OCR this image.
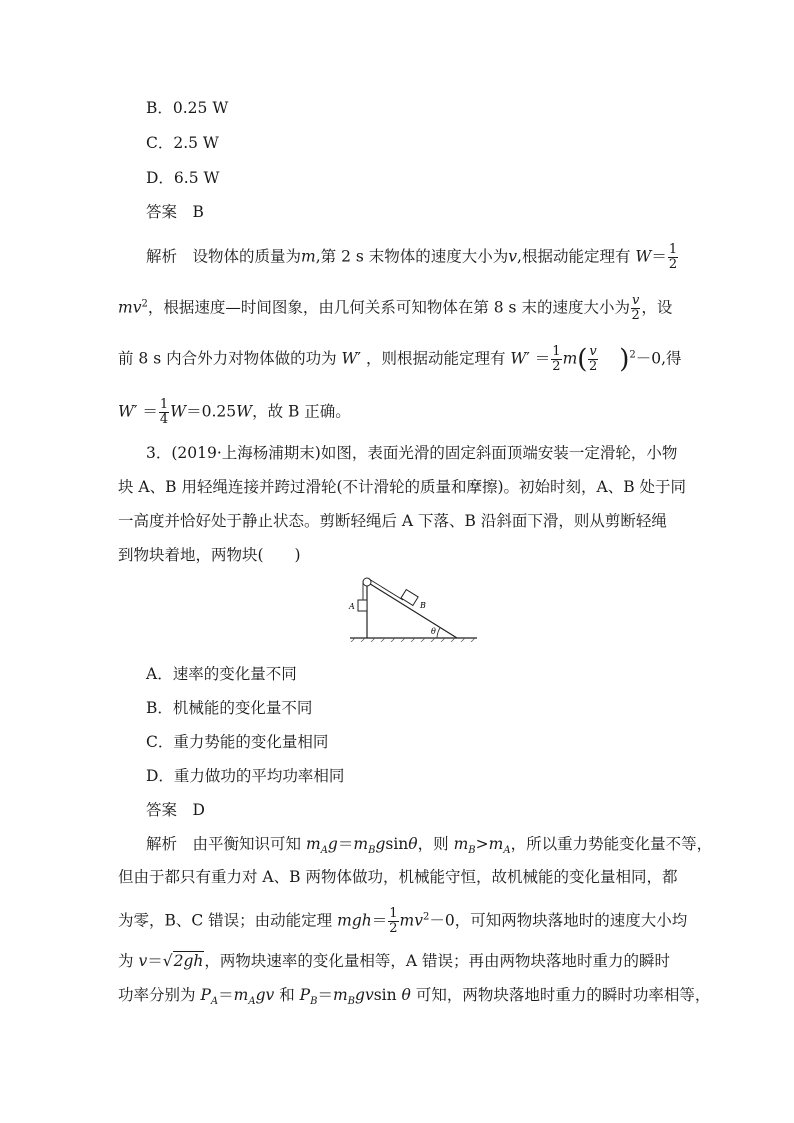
B．0.25 W
C．2.5 W
D．6.5 W
答案　B
解析　 设物体的质量为m,第 2 s 末物体的速度大小为v,根据动能定理有 $W= \frac{1}{2}$
$mv^2$，根据速度—时间图象，由几何关系可知物体在第 8 s 末的速度大小为 $\frac{v}{2}$ ，设
前 8 s 内合外力对物体做的功为 W′ ，则根据动能定理有 $W' = \frac{1}{2} m( \frac{v}{2}$
　 )$^2$－0,得
$W' = \frac{1}{4} W=0.25W$，故 B 正确。
3．(2019·上海杨浦期末)如图，表面光滑的固定斜面顶端安装一定滑轮，小物
块 A、B 用轻绳连接并跨过滑轮(不计滑轮的质量和摩擦)。初始时刻，A、B 处于同
一高度并恰好处于静止状态。剪断轻绳后 A 下落、B 沿斜面下滑，则从剪断轻绳
到物块着地，两物块(　　)
A	B
θ
A．速率的变化量不同
B．机械能的变化量不同
C．重力势能的变化量相同
D．重力做功的平均功率相同
答案　D
解析　 由平衡知识可知 $m_Ag=m_Bgsin\theta$，则 $m_B>m_A$，所以重力势能变化量不等，
但由于都只有重力对 A、B 两物体做功，机械能守恒，故机械能的变化量相同，都
为零，B、C 错误；由动能定理 $mgh= \frac{1}{2} mv^2-0$，可知两物块落地时的速度大小均
为 v＝√2gh，两物块速率的变化量相等，A 错误；再由两物块落地时重力的瞬时
功率分别为 $P_A=m_Agv$ 和 $P_B=m_Bgvsin$ θ 可知，两物块落地时重力的瞬时功率相等，
